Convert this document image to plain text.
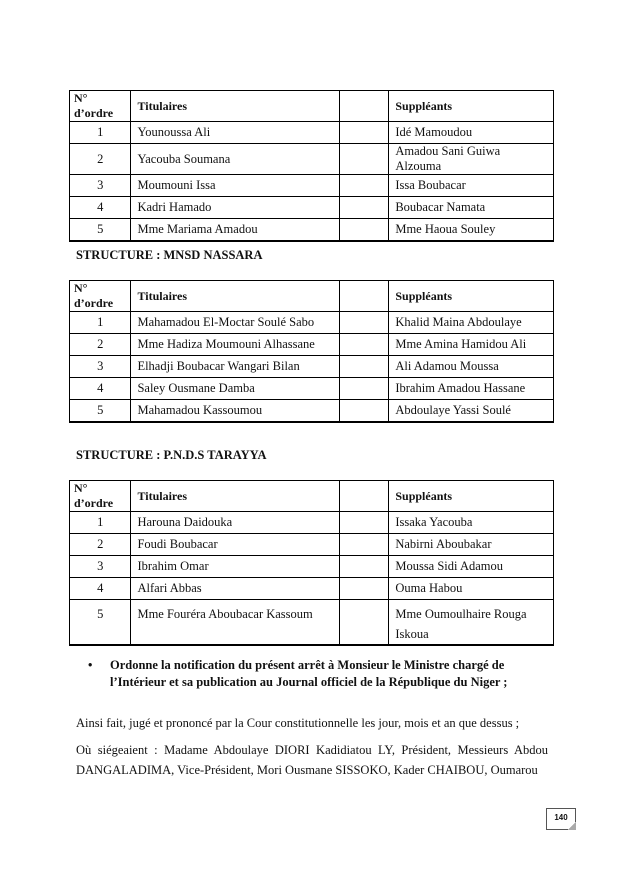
N° d’ordre	Titulaires		Suppléants
1	Younoussa Ali		Idé Mamoudou
2	Yacouba Soumana		Amadou Sani Guiwa Alzouma
3	Moumouni Issa		Issa Boubacar
4	Kadri Hamado		Boubacar Namata
5	Mme Mariama Amadou		Mme Haoua Souley
STRUCTURE : MNSD NASSARA
N° d’ordre	Titulaires		Suppléants
1	Mahamadou El-Moctar Soulé Sabo		Khalid Maina Abdoulaye
2	Mme Hadiza Moumouni Alhassane		Mme Amina Hamidou Ali
3	Elhadji Boubacar Wangari Bilan		Ali Adamou Moussa
4	Saley Ousmane Damba		Ibrahim Amadou Hassane
5	Mahamadou Kassoumou		Abdoulaye Yassi Soulé
STRUCTURE : P.N.D.S TARAYYA
N° d’ordre	Titulaires		Suppléants
1	Harouna Daidouka		Issaka Yacouba
2	Foudi Boubacar		Nabirni Aboubakar
3	Ibrahim Omar		Moussa Sidi Adamou
4	Alfari Abbas		Ouma Habou
5	Mme Fouréra Aboubacar Kassoum		Mme Oumoulhaire Rouga Iskoua
•	Ordonne la notification du présent arrêt à Monsieur le Ministre chargé de
l’Intérieur et sa publication au Journal officiel de la République du Niger ;
Ainsi fait, jugé et prononcé par la Cour constitutionnelle les jour, mois et an que dessus ;
Où siégeaient : Madame Abdoulaye DIORI Kadidiatou LY, Président, Messieurs Abdou DANGALADIMA, Vice-Président, Mori Ousmane SISSOKO, Kader CHAIBOU, Oumarou
140
